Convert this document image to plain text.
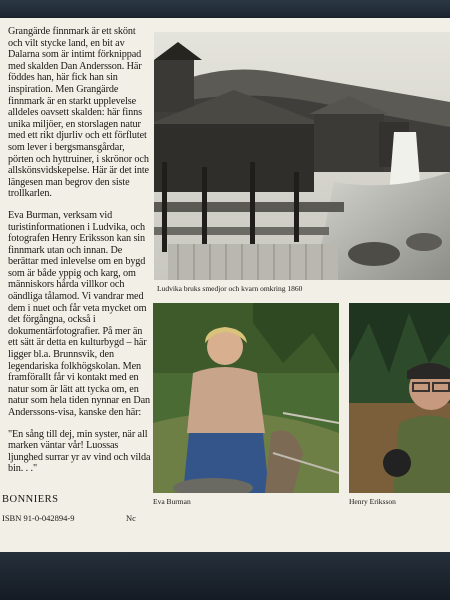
Grangärde finnmark är ett skönt och vilt stycke land, en bit av Dalarna som är intimt förknippad med skalden Dan Andersson. Här föddes han, här fick han sin inspiration. Men Grangärde finnmark är en starkt upplevelse alldeles oavsett skalden: här finns unika miljöer, en storslagen natur med ett rikt djurliv och ett förflutet som lever i bergsmansgårdar, pörten och hyttruiner, i skrönor och allskönsvidskepelse. Här är det inte längesen man begrov den siste trollkarlen.

Eva Burman, verksam vid turistinformationen i Ludvika, och fotografen Henry Eriksson kan sin finnmark utan och innan. De berättar med inlevelse om en bygd som är både yppig och karg, om människors hårda villkor och oändliga tålamod. Vi vandrar med dem i nuet och får veta mycket om det förgångna, också i dokumentärfotografier. På mer än ett sätt är detta en kulturbygd – här ligger bl.a. Brunnsvik, den legendariska folkhögskolan. Men framförallt får vi kontakt med en natur som är lätt att tycka om, en natur som hela tiden nynnar en Dan Anderssons-visa, kanske den här:

"En sång till dej, min syster, när all marken väntar vår! Luossas ljunghed surrar yr av vind och vilda bin. . ."

BONNIERS
ISBN 91-0-042894-9	Nc
Ludvika bruks smedjor och kvarn omkring 1860
Eva Burman	Henry Eriksson
